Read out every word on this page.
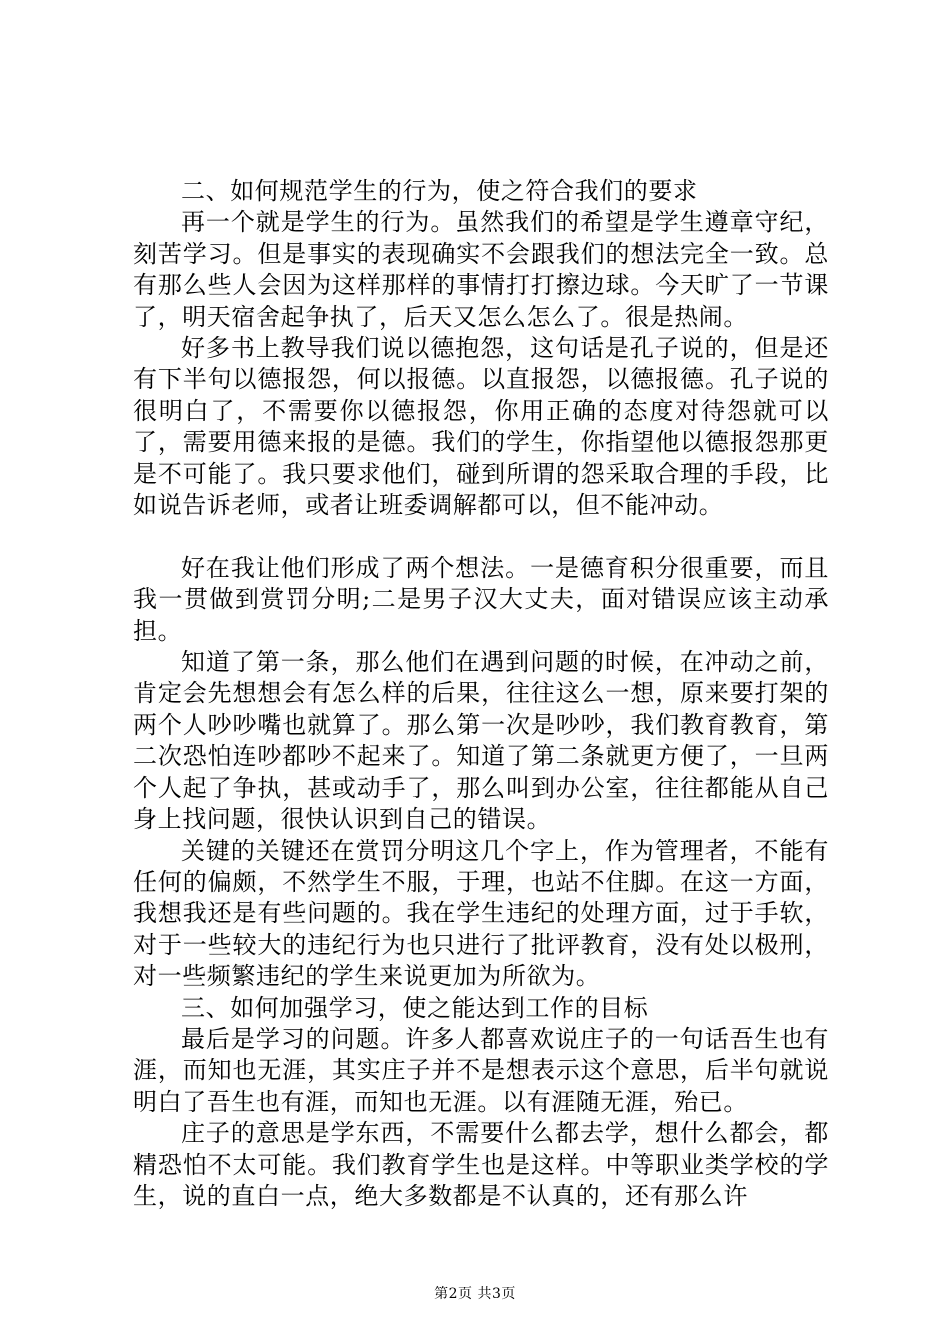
二、如何规范学生的行为，使之符合我们的要求

再一个就是学生的行为。虽然我们的希望是学生遵章守纪，刻苦学习。但是事实的表现确实不会跟我们的想法完全一致。总有那么些人会因为这样那样的事情打打擦边球。今天旷了一节课了，明天宿舍起争执了，后天又怎么怎么了。很是热闹。

好多书上教导我们说以德抱怨，这句话是孔子说的，但是还有下半句以德报怨，何以报德。以直报怨，以德报德。孔子说的很明白了，不需要你以德报怨，你用正确的态度对待怨就可以了，需要用德来报的是德。我们的学生，你指望他以德报怨那更是不可能了。我只要求他们，碰到所谓的怨采取合理的手段，比如说告诉老师，或者让班委调解都可以，但不能冲动。

好在我让他们形成了两个想法。一是德育积分很重要，而且我一贯做到赏罚分明;二是男子汉大丈夫，面对错误应该主动承担。

知道了第一条，那么他们在遇到问题的时候，在冲动之前，肯定会先想想会有怎么样的后果，往往这么一想，原来要打架的两个人吵吵嘴也就算了。那么第一次是吵吵，我们教育教育，第二次恐怕连吵都吵不起来了。知道了第二条就更方便了，一旦两个人起了争执，甚或动手了，那么叫到办公室，往往都能从自己身上找问题，很快认识到自己的错误。

关键的关键还在赏罚分明这几个字上，作为管理者，不能有任何的偏颇，不然学生不服，于理，也站不住脚。在这一方面，我想我还是有些问题的。我在学生违纪的处理方面，过于手软，对于一些较大的违纪行为也只进行了批评教育，没有处以极刑，对一些频繁违纪的学生来说更加为所欲为。

三、如何加强学习，使之能达到工作的目标

最后是学习的问题。许多人都喜欢说庄子的一句话吾生也有涯，而知也无涯，其实庄子并不是想表示这个意思，后半句就说明白了吾生也有涯，而知也无涯。以有涯随无涯，殆已。

庄子的意思是学东西，不需要什么都去学，想什么都会，都精恐怕不太可能。我们教育学生也是这样。中等职业类学校的学生，说的直白一点，绝大多数都是不认真的，还有那么许

第2页 共3页
